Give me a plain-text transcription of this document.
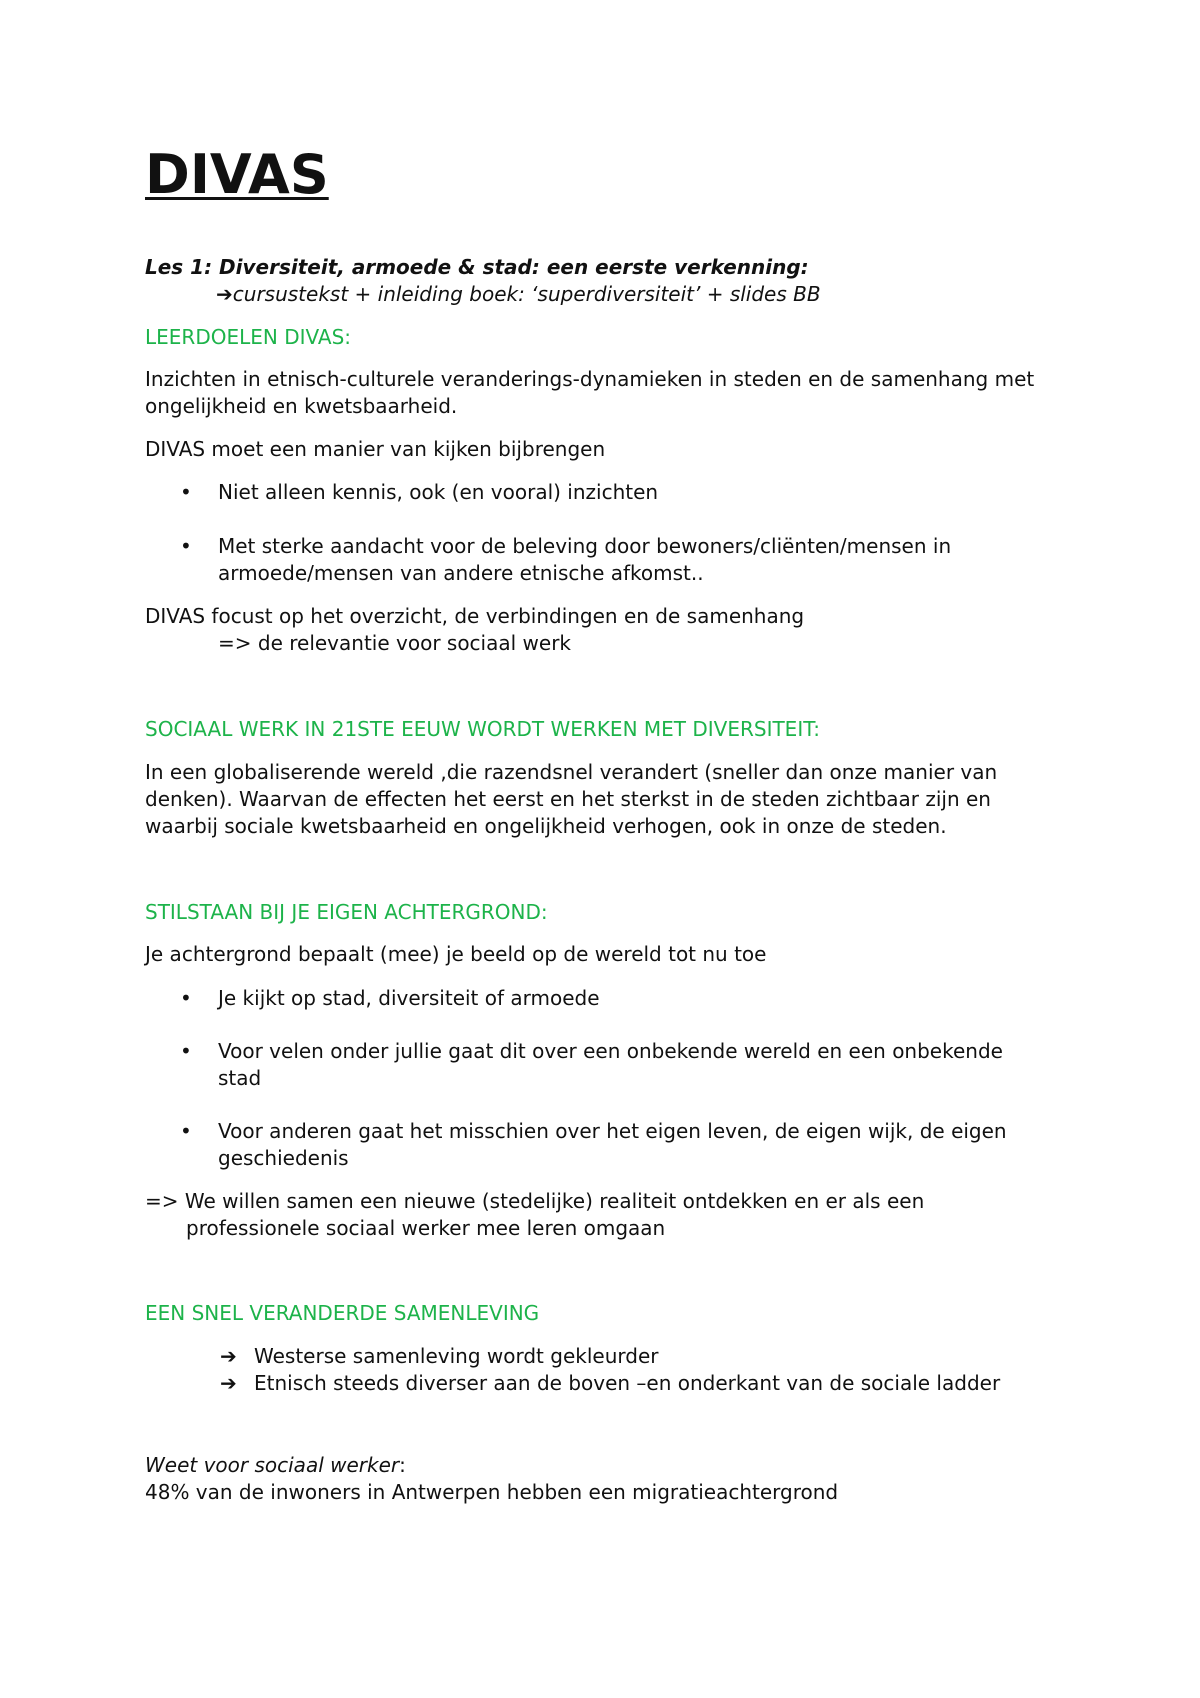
DIVAS

Les 1: Diversiteit, armoede & stad: een eerste verkenning:

➔cursustekst + inleiding boek: ‘superdiversiteit’ + slides BB

LEERDOELEN DIVAS:

Inzichten in etnisch-culturele veranderings-dynamieken in steden en de samenhang met

ongelijkheid en kwetsbaarheid.

DIVAS moet een manier van kijken bijbrengen

• Niet alleen kennis, ook (en vooral) inzichten

• Met sterke aandacht voor de beleving door bewoners/cliënten/mensen in

armoede/mensen van andere etnische afkomst..

DIVAS focust op het overzicht, de verbindingen en de samenhang

=> de relevantie voor sociaal werk

SOCIAAL WERK IN 21STE EEUW WORDT WERKEN MET DIVERSITEIT:

In een globaliserende wereld ,die razendsnel verandert (sneller dan onze manier van

denken). Waarvan de effecten het eerst en het sterkst in de steden zichtbaar zijn en

waarbij sociale kwetsbaarheid en ongelijkheid verhogen, ook in onze de steden.

STILSTAAN BIJ JE EIGEN ACHTERGROND:

Je achtergrond bepaalt (mee) je beeld op de wereld tot nu toe

• Je kijkt op stad, diversiteit of armoede

• Voor velen onder jullie gaat dit over een onbekende wereld en een onbekende

stad

• Voor anderen gaat het misschien over het eigen leven, de eigen wijk, de eigen

geschiedenis

=> We willen samen een nieuwe (stedelijke) realiteit ontdekken en er als een

professionele sociaal werker mee leren omgaan

EEN SNEL VERANDERDE SAMENLEVING

➔ Westerse samenleving wordt gekleurder
➔ Etnisch steeds diverser aan de boven –en onderkant van de sociale ladder

Weet voor sociaal werker:

48% van de inwoners in Antwerpen hebben een migratieachtergrond
